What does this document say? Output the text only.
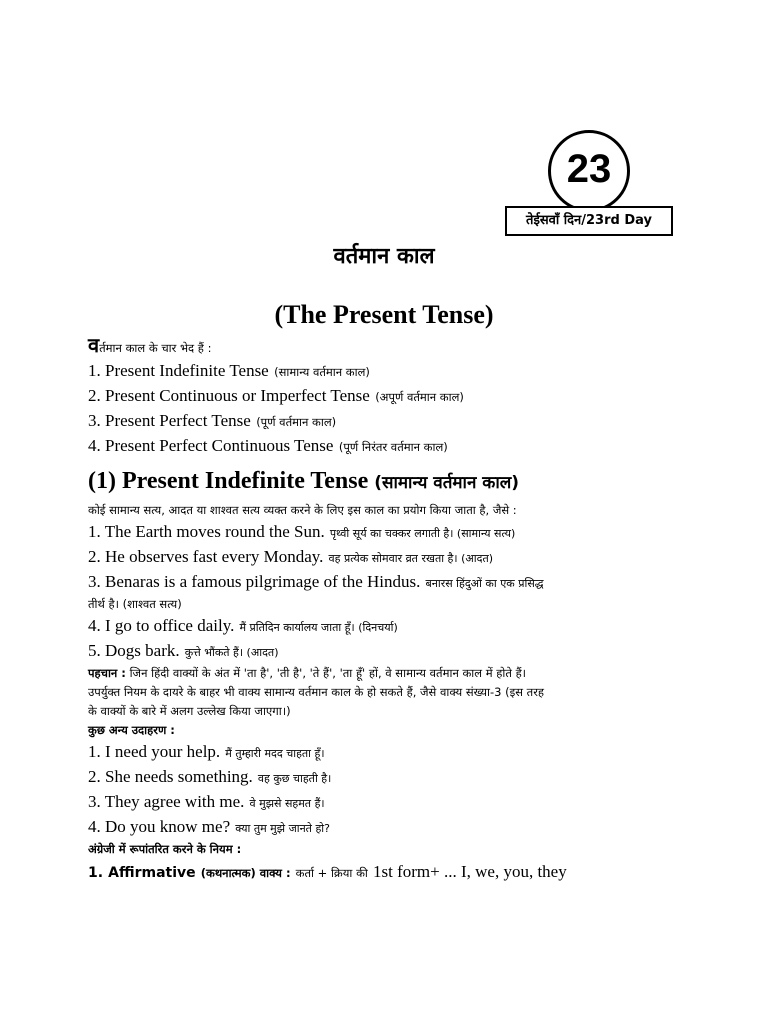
23
तेईसवाँ दिन/23rd Day
वर्तमान काल
(The Present Tense)
वर्तमान काल के चार भेद हैं :
1. Present Indefinite Tense (सामान्य वर्तमान काल)
2. Present Continuous or Imperfect Tense (अपूर्ण वर्तमान काल)
3. Present Perfect Tense (पूर्ण वर्तमान काल)
4. Present Perfect Continuous Tense (पूर्ण निरंतर वर्तमान काल)
(1) Present Indefinite Tense (सामान्य वर्तमान काल)
कोई सामान्य सत्य, आदत या शाश्वत सत्य व्यक्त करने के लिए इस काल का प्रयोग किया जाता है, जैसे :
1. The Earth moves round the Sun. पृथ्वी सूर्य का चक्कर लगाती है। (सामान्य सत्य)
2. He observes fast every Monday. वह प्रत्येक सोमवार व्रत रखता है। (आदत)
3. Benaras is a famous pilgrimage of the Hindus. बनारस हिंदुओं का एक प्रसिद्ध
तीर्थ है। (शाश्वत सत्य)
4. I go to office daily. मैं प्रतिदिन कार्यालय जाता हूँ। (दिनचर्या)
5. Dogs bark. कुत्ते भौंकते हैं। (आदत)
पहचान : जिन हिंदी वाक्यों के अंत में 'ता है', 'ती है', 'ते हैं', 'ता हूँ' हों, वे सामान्य वर्तमान काल में होते हैं।
उपर्युक्त नियम के दायरे के बाहर भी वाक्य सामान्य वर्तमान काल के हो सकते हैं, जैसे वाक्य संख्या-3 (इस तरह
के वाक्यों के बारे में अलग उल्लेख किया जाएगा।)
कुछ अन्य उदाहरण :
1. I need your help. मैं तुम्हारी मदद चाहता हूँ।
2. She needs something. वह कुछ चाहती है।
3. They agree with me. वे मुझसे सहमत हैं।
4. Do you know me? क्या तुम मुझे जानते हो?
अंग्रेजी में रूपांतरित करने के नियम :
1. Affirmative (कथनात्मक) वाक्य : कर्ता + क्रिया की 1st form+ ... I, we, you, they
